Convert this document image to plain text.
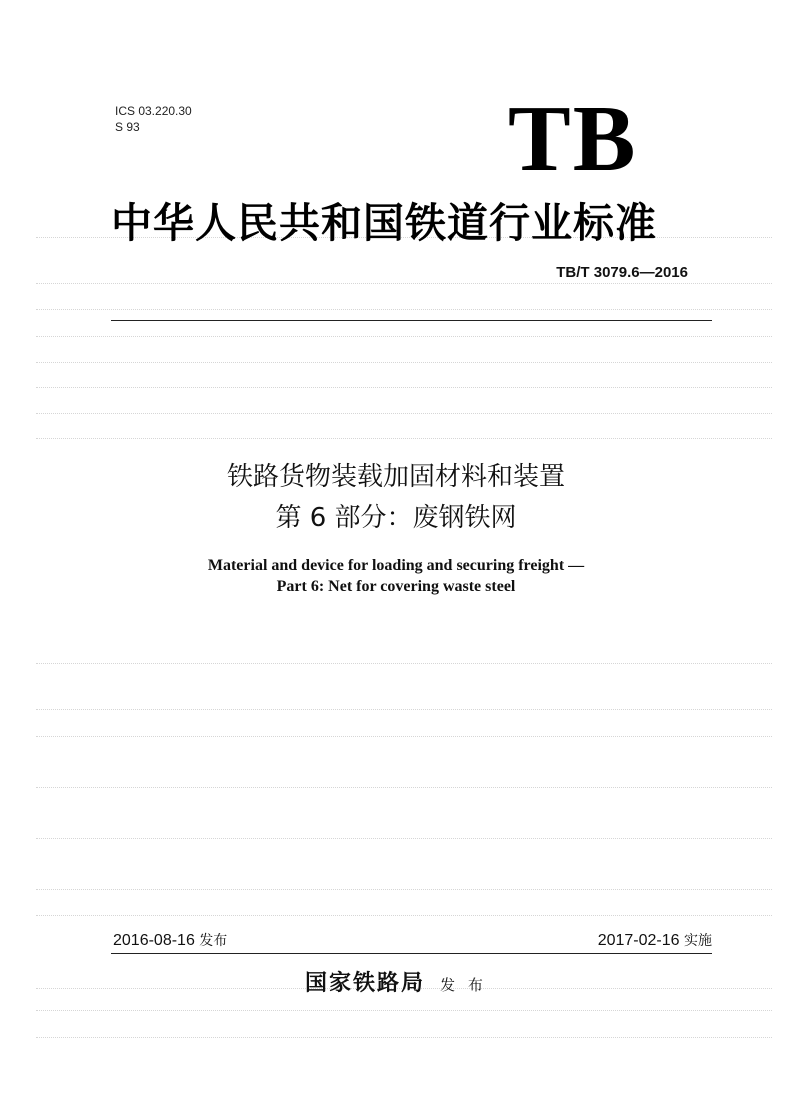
ICS 03.220.30
S 93	TB
中华人民共和国铁道行业标准
TB/T 3079.6—2016
铁路货物装载加固材料和装置
第 6 部分：废钢铁网
Material and device for loading and securing freight —
Part 6: Net for covering waste steel
2016-08-16 发布	2017-02-16 实施
国家铁路局 发 布
